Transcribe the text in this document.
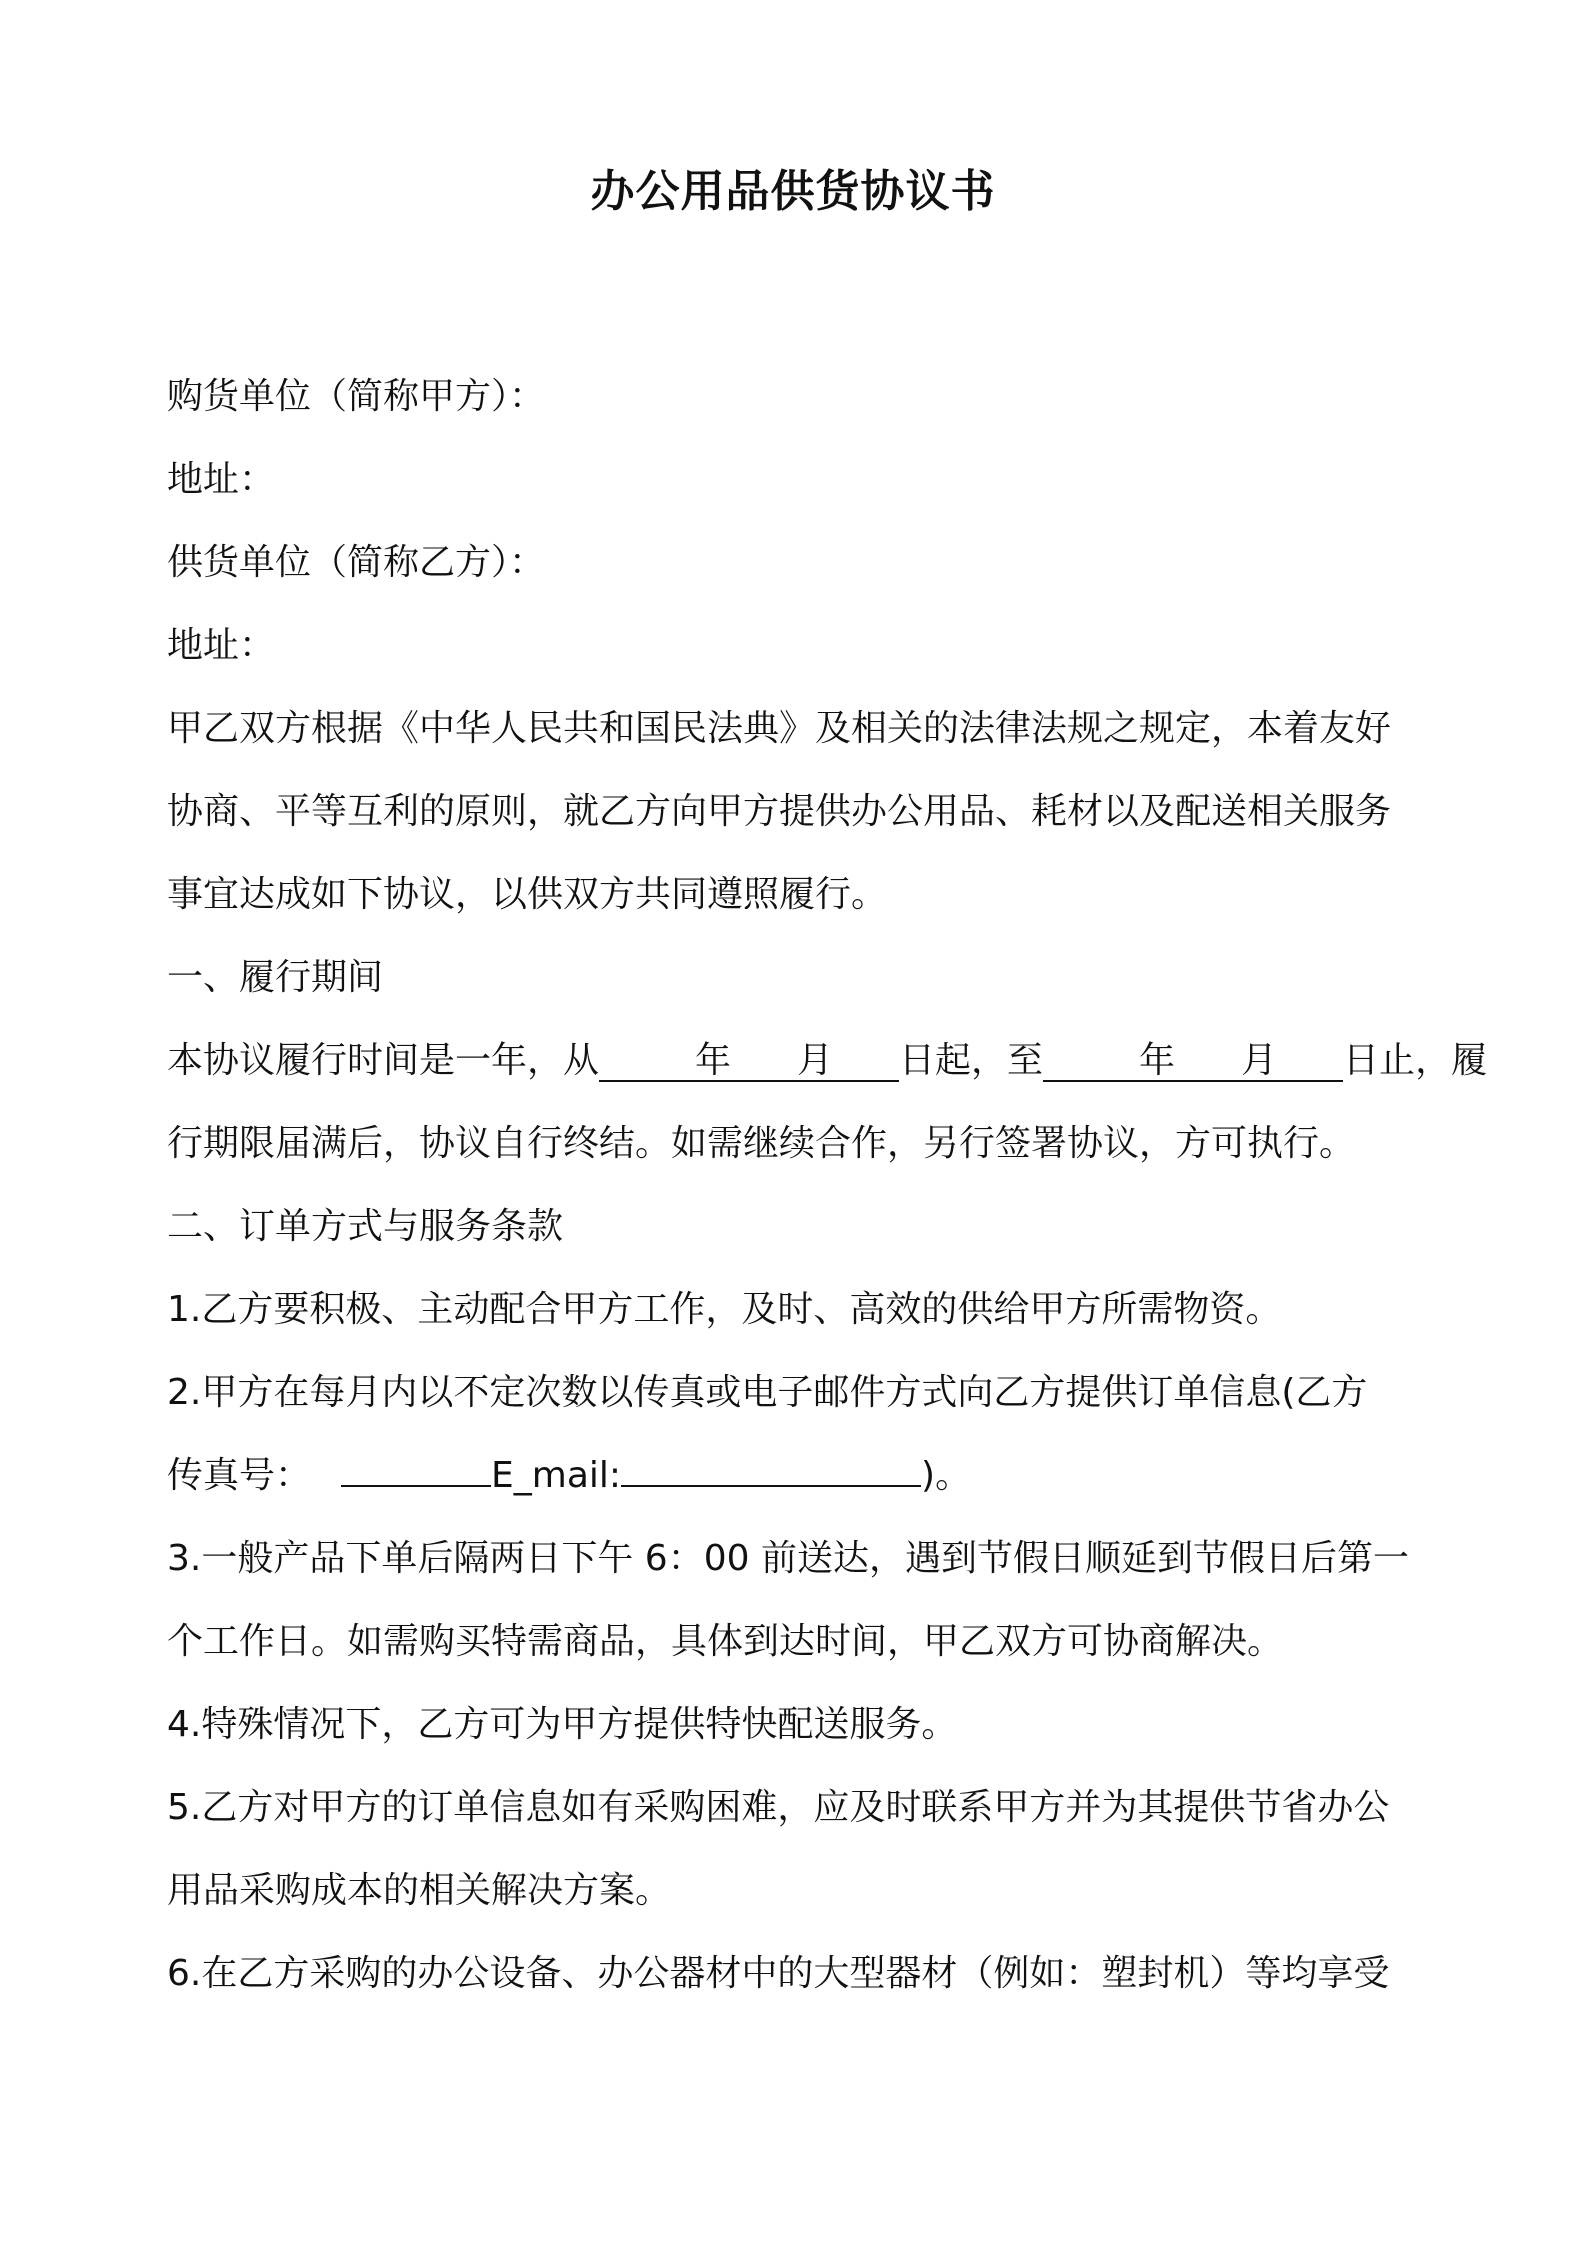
办公用品供货协议书
购货单位（简称甲方）：
地址：
供货单位（简称乙方）：
地址：
甲乙双方根据《中华人民共和国民法典》及相关的法律法规之规定，本着友好
协商、平等互利的原则，就乙方向甲方提供办公用品、耗材以及配送相关服务
事宜达成如下协议，以供双方共同遵照履行。
一、履行期间
本协议履行时间是一年，从	年 月 日起，至	年 月 日止，履
行期限届满后，协议自行终结。如需继续合作，另行签署协议，方可执行。
二、订单方式与服务条款
1.乙方要积极、主动配合甲方工作，及时、高效的供给甲方所需物资。
2.甲方在每月内以不定次数以传真或电子邮件方式向乙方提供订单信息(乙方
传真号：	E_mail:	)。
3.一般产品下单后隔两日下午 6：00 前送达，遇到节假日顺延到节假日后第一
个工作日。如需购买特需商品，具体到达时间，甲乙双方可协商解决。
4.特殊情况下，乙方可为甲方提供特快配送服务。
5.乙方对甲方的订单信息如有采购困难，应及时联系甲方并为其提供节省办公
用品采购成本的相关解决方案。
6.在乙方采购的办公设备、办公器材中的大型器材（例如：塑封机）等均享受
